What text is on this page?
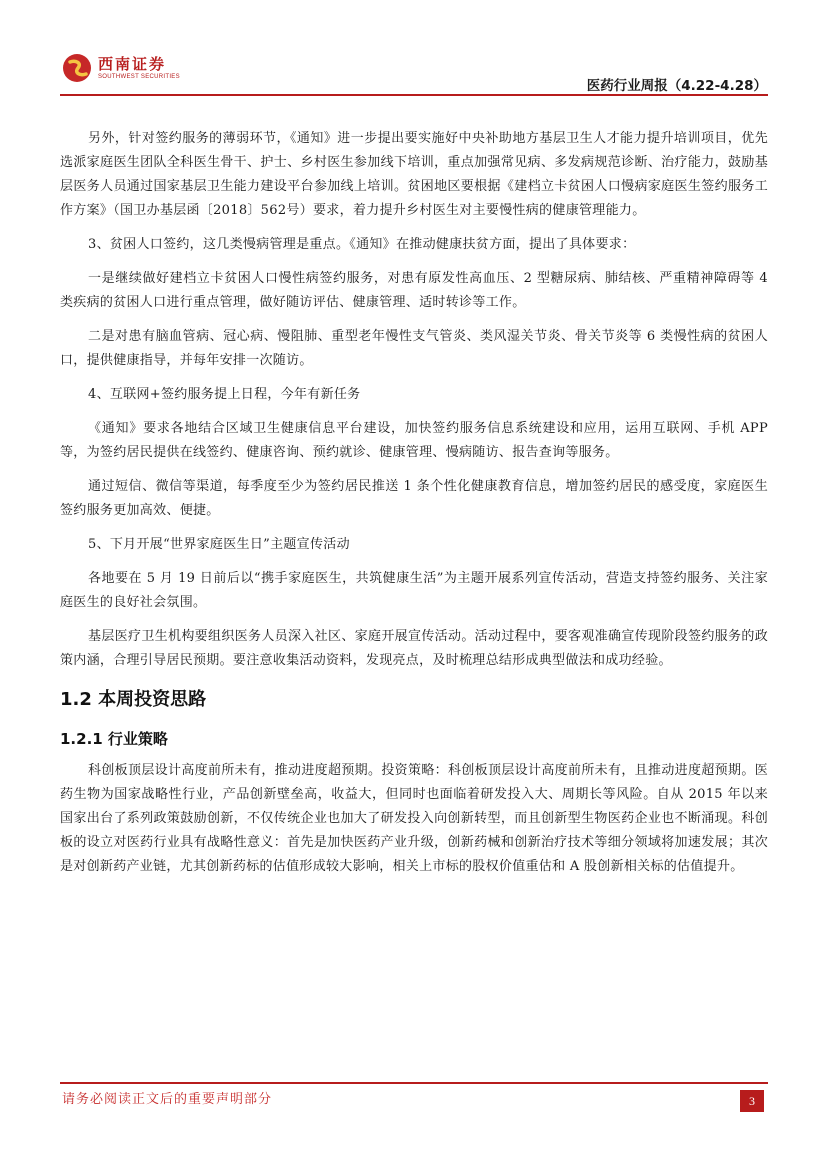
西南证券
SOUTHWEST SECURITIES
医药行业周报（4.22-4.28）

另外，针对签约服务的薄弱环节，《通知》进一步提出要实施好中央补助地方基层卫生人才能力提升培训项目，优先选派家庭医生团队全科医生骨干、护士、乡村医生参加线下培训，重点加强常见病、多发病规范诊断、治疗能力，鼓励基层医务人员通过国家基层卫生能力建设平台参加线上培训。贫困地区要根据《建档立卡贫困人口慢病家庭医生签约服务工作方案》（国卫办基层函〔2018〕562号）要求，着力提升乡村医生对主要慢性病的健康管理能力。

3、贫困人口签约，这几类慢病管理是重点。《通知》在推动健康扶贫方面，提出了具体要求：

一是继续做好建档立卡贫困人口慢性病签约服务，对患有原发性高血压、2 型糖尿病、肺结核、严重精神障碍等 4 类疾病的贫困人口进行重点管理，做好随访评估、健康管理、适时转诊等工作。

二是对患有脑血管病、冠心病、慢阻肺、重型老年慢性支气管炎、类风湿关节炎、骨关节炎等 6 类慢性病的贫困人口，提供健康指导，并每年安排一次随访。

4、互联网+签约服务提上日程，今年有新任务

《通知》要求各地结合区域卫生健康信息平台建设，加快签约服务信息系统建设和应用，运用互联网、手机 APP 等，为签约居民提供在线签约、健康咨询、预约就诊、健康管理、慢病随访、报告查询等服务。

通过短信、微信等渠道，每季度至少为签约居民推送 1 条个性化健康教育信息，增加签约居民的感受度，家庭医生签约服务更加高效、便捷。

5、下月开展“世界家庭医生日”主题宣传活动

各地要在 5 月 19 日前后以“携手家庭医生，共筑健康生活”为主题开展系列宣传活动，营造支持签约服务、关注家庭医生的良好社会氛围。

基层医疗卫生机构要组织医务人员深入社区、家庭开展宣传活动。活动过程中，要客观准确宣传现阶段签约服务的政策内涵，合理引导居民预期。要注意收集活动资料，发现亮点，及时梳理总结形成典型做法和成功经验。

1.2 本周投资思路
1.2.1 行业策略

科创板顶层设计高度前所未有，推动进度超预期。投资策略：科创板顶层设计高度前所未有，且推动进度超预期。医药生物为国家战略性行业，产品创新壁垒高，收益大，但同时也面临着研发投入大、周期长等风险。自从 2015 年以来国家出台了系列政策鼓励创新，不仅传统企业也加大了研发投入向创新转型，而且创新型生物医药企业也不断涌现。科创板的设立对医药行业具有战略性意义：首先是加快医药产业升级，创新药械和创新治疗技术等细分领域将加速发展；其次是对创新药产业链，尤其创新药标的估值形成较大影响，相关上市标的股权价值重估和 A 股创新相关标的估值提升。

请务必阅读正文后的重要声明部分	3
